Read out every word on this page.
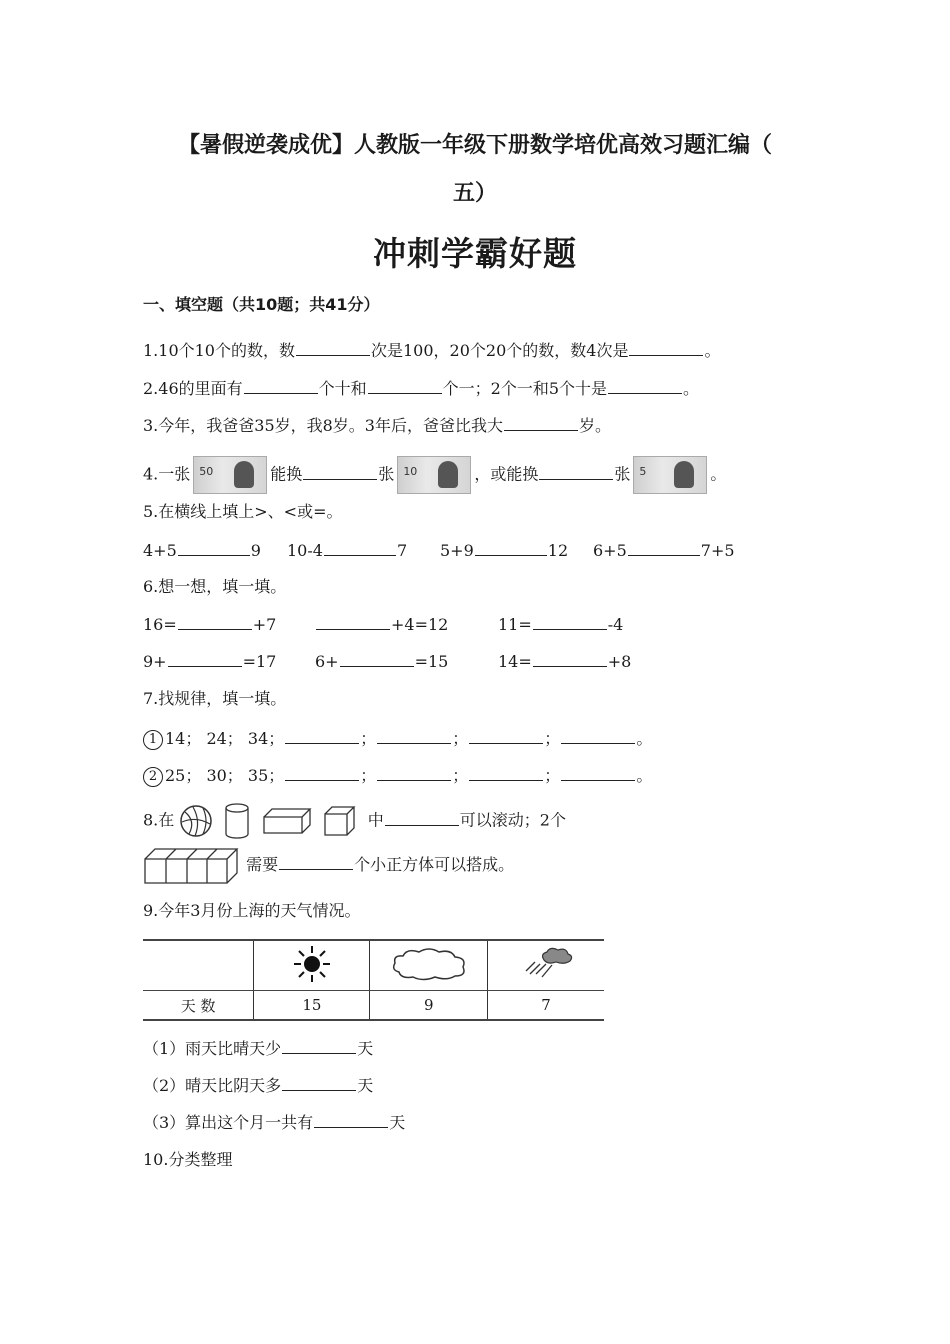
【暑假逆袭成优】人教版一年级下册数学培优高效习题汇编（
五）
冲刺学霸好题
一、填空题（共10题；共41分）
1.10个10个的数，数	次是100，20个20个的数，数4次是	。
2.46的里面有	个十和	个一；2个一和5个十是	。
3.今年，我爸爸35岁，我8岁。3年后，爸爸比我大	岁。
4.一张 50	能换	张 10	，或能换	张 5	。
5.在横线上填上>、<或=。
4+5	9 10-4	7 5+9	12 6+5	7+5
6.想一想，填一填。
16=	+7	+4=12	11=	-4
9+	=17 6+	=15	14=	+8
7.找规律，填一填。
1 14； 24； 34；	；	；	；	。
2 25； 30； 35；	；	；	；	。
8.在	中	可以滚动；2个
需要	个小正方体可以搭成。
9.今年3月份上海的天气情况。

天 数	15	9	7
（1）雨天比晴天少	天
（2）晴天比阴天多	天
（3）算出这个月一共有	天
10.分类整理
